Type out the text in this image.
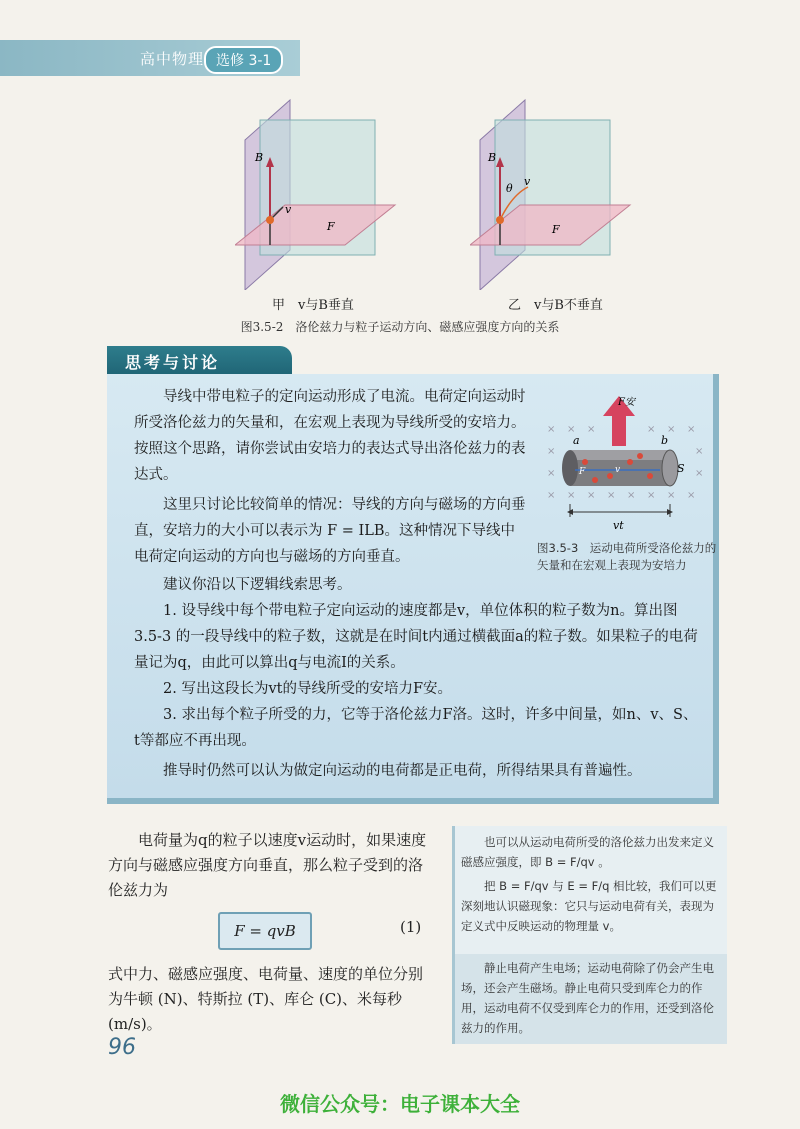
高中物理 选修 3-1
B
v
F
B
θ
v
F
甲　v与B垂直	乙　v与B不垂直
图3.5-2　洛伦兹力与粒子运动方向、磁感应强度方向的关系
思考与讨论
导线中带电粒子的定向运动形成了电流。电荷定向运动时所受洛伦兹力的矢量和，在宏观上表现为导线所受的安培力。按照这个思路，请你尝试由安培力的表达式导出洛伦兹力的表达式。
这里只讨论比较简单的情况：导线的方向与磁场的方向垂直，安培力的大小可以表示为 F = ILB。这种情况下导线中电荷定向运动的方向也与磁场的方向垂直。
建议你沿以下逻辑线索思考。
1. 设导线中每个带电粒子定向运动的速度都是v，单位体积的粒子数为n。算出图 3.5-3 的一段导线中的粒子数，这就是在时间t内通过横截面a的粒子数。如果粒子的电荷量记为q，由此可以算出q与电流I的关系。
2. 写出这段长为vt的导线所受的安培力F安。
3. 求出每个粒子所受的力，它等于洛伦兹力F洛。这时，许多中间量，如n、v、S、t等都应不再出现。
推导时仍然可以认为做定向运动的电荷都是正电荷，所得结果具有普遍性。
× × ×	× × ×
×	×
×	×
× × × × × × × ×
F安
a	b
S
F	v
vt
图3.5-3　运动电荷所受洛伦兹力的矢量和在宏观上表现为安培力
电荷量为q的粒子以速度v运动时，如果速度方向与磁感应强度方向垂直，那么粒子受到的洛伦兹力为
F = qvB	(1)
式中力、磁感应强度、电荷量、速度的单位分别为牛顿 (N)、特斯拉 (T)、库仑 (C)、米每秒 (m/s)。
也可以从运动电荷所受的洛伦兹力出发来定义磁感应强度，即 B = F/qv 。
把 B = F/qv 与 E = F/q 相比较，我们可以更深刻地认识磁现象：它只与运动电荷有关，表现为定义式中反映运动的物理量 v。
静止电荷产生电场；运动电荷除了仍会产生电场，还会产生磁场。静止电荷只受到库仑力的作用，运动电荷不仅受到库仑力的作用，还受到洛伦兹力的作用。
96
微信公众号：电子课本大全
